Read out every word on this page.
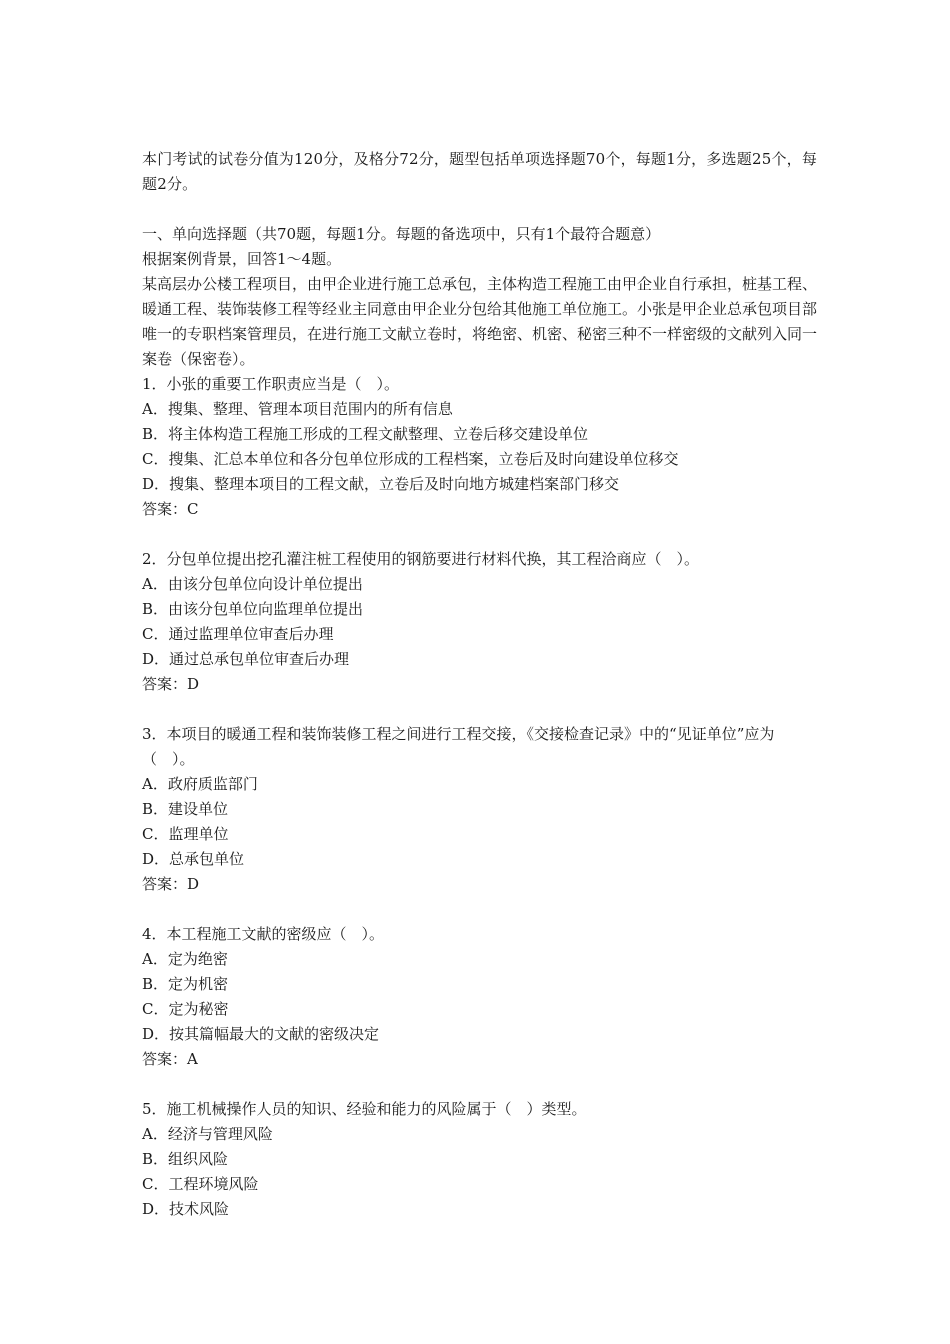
本门考试的试卷分值为120分，及格分72分，题型包括单项选择题70个，每题1分，多选题25个，每题2分。

一、单向选择题（共70题，每题1分。每题的备选项中，只有1个最符合题意）

根据案例背景，回答1～4题。

某高层办公楼工程项目，由甲企业进行施工总承包，主体构造工程施工由甲企业自行承担，桩基工程、暖通工程、装饰装修工程等经业主同意由甲企业分包给其他施工单位施工。小张是甲企业总承包项目部唯一的专职档案管理员，在进行施工文献立卷时，将绝密、机密、秘密三种不一样密级的文献列入同一案卷（保密卷）。

1．小张的重要工作职责应当是（　）。

A．搜集、整理、管理本项目范围内的所有信息

B．将主体构造工程施工形成的工程文献整理、立卷后移交建设单位

C．搜集、汇总本单位和各分包单位形成的工程档案，立卷后及时向建设单位移交

D．搜集、整理本项目的工程文献，立卷后及时向地方城建档案部门移交

答案：C

2．分包单位提出挖孔灌注桩工程使用的钢筋要进行材料代换，其工程洽商应（　）。

A．由该分包单位向设计单位提出

B．由该分包单位向监理单位提出

C．通过监理单位审查后办理

D．通过总承包单位审查后办理

答案：D

3．本项目的暖通工程和装饰装修工程之间进行工程交接，《交接检查记录》中的“见证单位”应为（　）。

A．政府质监部门

B．建设单位

C．监理单位

D．总承包单位

答案：D

4．本工程施工文献的密级应（　）。

A．定为绝密

B．定为机密

C．定为秘密

D．按其篇幅最大的文献的密级决定

答案：A

5．施工机械操作人员的知识、经验和能力的风险属于（　）类型。

A．经济与管理风险

B．组织风险

C．工程环境风险

D．技术风险
